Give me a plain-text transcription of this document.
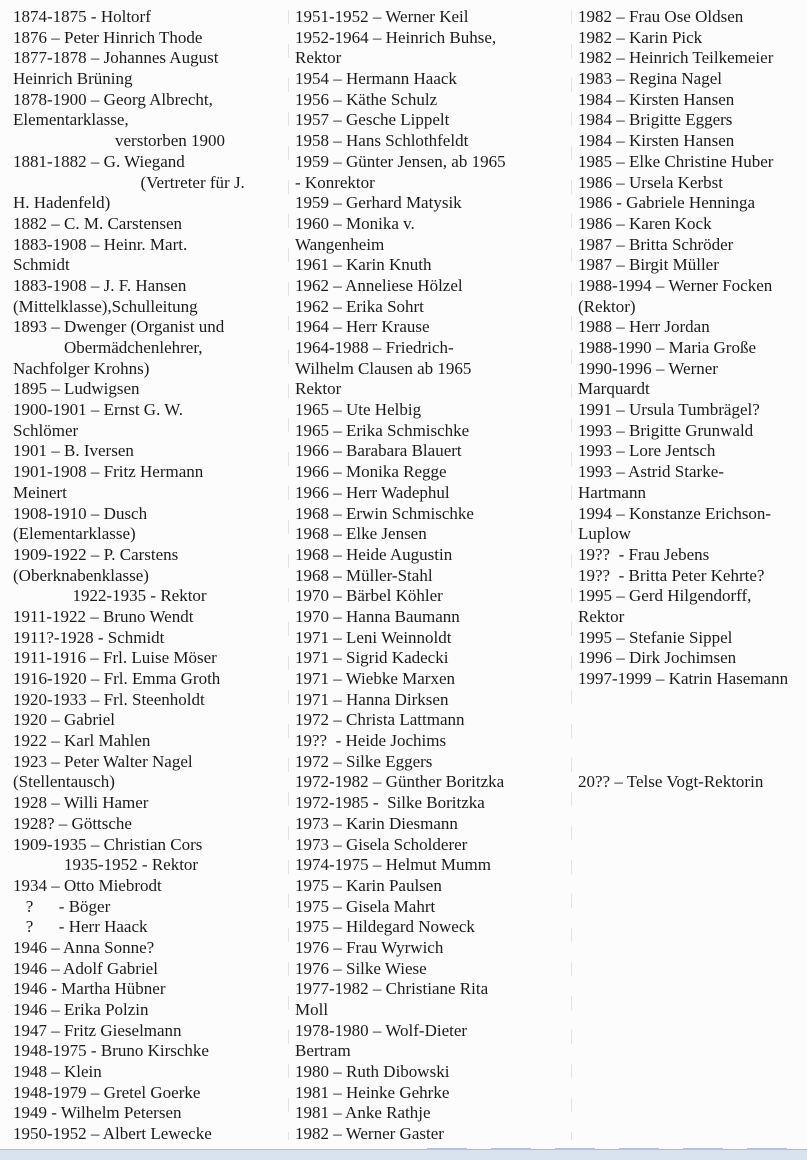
1874-1875 - Holtorf
1876 – Peter Hinrich Thode
1877-1878 – Johannes August
Heinrich Brüning
1878-1900 – Georg Albrecht,
Elementarklasse,
verstorben 1900
1881-1882 – G. Wiegand
(Vertreter für J.
H. Hadenfeld)
1882 – C. M. Carstensen
1883-1908 – Heinr. Mart.
Schmidt
1883-1908 – J. F. Hansen
(Mittelklasse),Schulleitung
1893 – Dwenger (Organist und
Obermädchenlehrer,
Nachfolger Krohns)
1895 – Ludwigsen
1900-1901 – Ernst G. W.
Schlömer
1901 – B. Iversen
1901-1908 – Fritz Hermann
Meinert
1908-1910 – Dusch
(Elementarklasse)
1909-1922 – P. Carstens
(Oberknabenklasse)
1922-1935 - Rektor
1911-1922 – Bruno Wendt
1911?-1928 - Schmidt
1911-1916 – Frl. Luise Möser
1916-1920 – Frl. Emma Groth
1920-1933 – Frl. Steenholdt
1920 – Gabriel
1922 – Karl Mahlen
1923 – Peter Walter Nagel
(Stellentausch)
1928 – Willi Hamer
1928? – Göttsche
1909-1935 – Christian Cors
1935-1952 - Rektor
1934 – Otto Miebrodt
?      - Böger
?      - Herr Haack
1946 – Anna Sonne?
1946 – Adolf Gabriel
1946 - Martha Hübner
1946 – Erika Polzin
1947 – Fritz Gieselmann
1948-1975 - Bruno Kirschke
1948 – Klein
1948-1979 – Gretel Goerke
1949 - Wilhelm Petersen
1950-1952 – Albert Lewecke
1951-1952 – Werner Keil
1952-1964 – Heinrich Buhse,
Rektor
1954 – Hermann Haack
1956 – Käthe Schulz
1957 – Gesche Lippelt
1958 – Hans Schlothfeldt
1959 – Günter Jensen, ab 1965
- Konrektor
1959 – Gerhard Matysik
1960 – Monika v.
Wangenheim
1961 – Karin Knuth
1962 – Anneliese Hölzel
1962 – Erika Sohrt
1964 – Herr Krause
1964-1988 – Friedrich-
Wilhelm Clausen ab 1965
Rektor
1965 – Ute Helbig
1965 – Erika Schmischke
1966 – Barabara Blauert
1966 – Monika Regge
1966 – Herr Wadephul
1968 – Erwin Schmischke
1968 – Elke Jensen
1968 – Heide Augustin
1968 – Müller-Stahl
1970 – Bärbel Köhler
1970 – Hanna Baumann
1971 – Leni Weinnoldt
1971 – Sigrid Kadecki
1971 – Wiebke Marxen
1971 – Hanna Dirksen
1972 – Christa Lattmann
19??  - Heide Jochims
1972 – Silke Eggers
1972-1982 – Günther Boritzka
1972-1985 -  Silke Boritzka
1973 – Karin Diesmann
1973 – Gisela Scholderer
1974-1975 – Helmut Mumm
1975 – Karin Paulsen
1975 – Gisela Mahrt
1975 – Hildegard Noweck
1976 – Frau Wyrwich
1976 – Silke Wiese
1977-1982 – Christiane Rita
Moll
1978-1980 – Wolf-Dieter
Bertram
1980 – Ruth Dibowski
1981 – Heinke Gehrke
1981 – Anke Rathje
1982 – Werner Gaster
1982 – Frau Ose Oldsen
1982 – Karin Pick
1982 – Heinrich Teilkemeier
1983 – Regina Nagel
1984 – Kirsten Hansen
1984 – Brigitte Eggers
1984 – Kirsten Hansen
1985 – Elke Christine Huber
1986 – Ursela Kerbst
1986 - Gabriele Henninga
1986 – Karen Kock
1987 – Britta Schröder
1987 – Birgit Müller
1988-1994 – Werner Focken
(Rektor)
1988 – Herr Jordan
1988-1990 – Maria Große
1990-1996 – Werner
Marquardt
1991 – Ursula Tumbrägel?
1993 – Brigitte Grunwald
1993 – Lore Jentsch
1993 – Astrid Starke-
Hartmann
1994 – Konstanze Erichson-
Luplow
19??  - Frau Jebens
19??  - Britta Peter Kehrte?
1995 – Gerd Hilgendorff,
Rektor
1995 – Stefanie Sippel
1996 – Dirk Jochimsen
1997-1999 – Katrin Hasemann

20?? – Telse Vogt-Rektorin
